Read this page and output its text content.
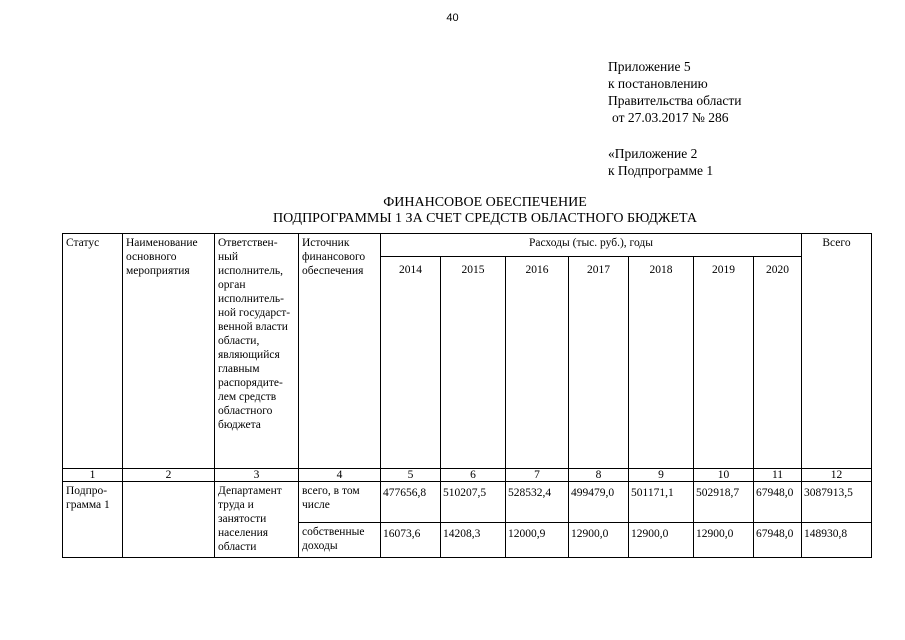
40
Приложение 5
к постановлению
Правительства области
от 27.03.2017 № 286
«Приложение 2
к Подпрограмме 1
ФИНАНСОВОЕ ОБЕСПЕЧЕНИЕ
ПОДПРОГРАММЫ 1 ЗА СЧЕТ СРЕДСТВ ОБЛАСТНОГО БЮДЖЕТА
Статус	Наименование основного мероприятия	Ответствен-ный исполнитель, орган исполнитель-ной государст-венной власти области, являющийся главным распорядите-лем средств областного бюджета	Источник финансового обеспечения	Расходы (тыс. руб.), годы							Всего
				2014	2015	2016	2017	2018	2019	2020	
1	2	3	4	5	6	7	8	9	10	11	12
Подпро-грамма 1		Департамент труда и занятости населения области	всего, в том числе	477656,8	510207,5	528532,4	499479,0	501171,1	502918,7	67948,0	3087913,5
			собственные доходы	16073,6	14208,3	12000,9	12900,0	12900,0	12900,0	67948,0	148930,8
